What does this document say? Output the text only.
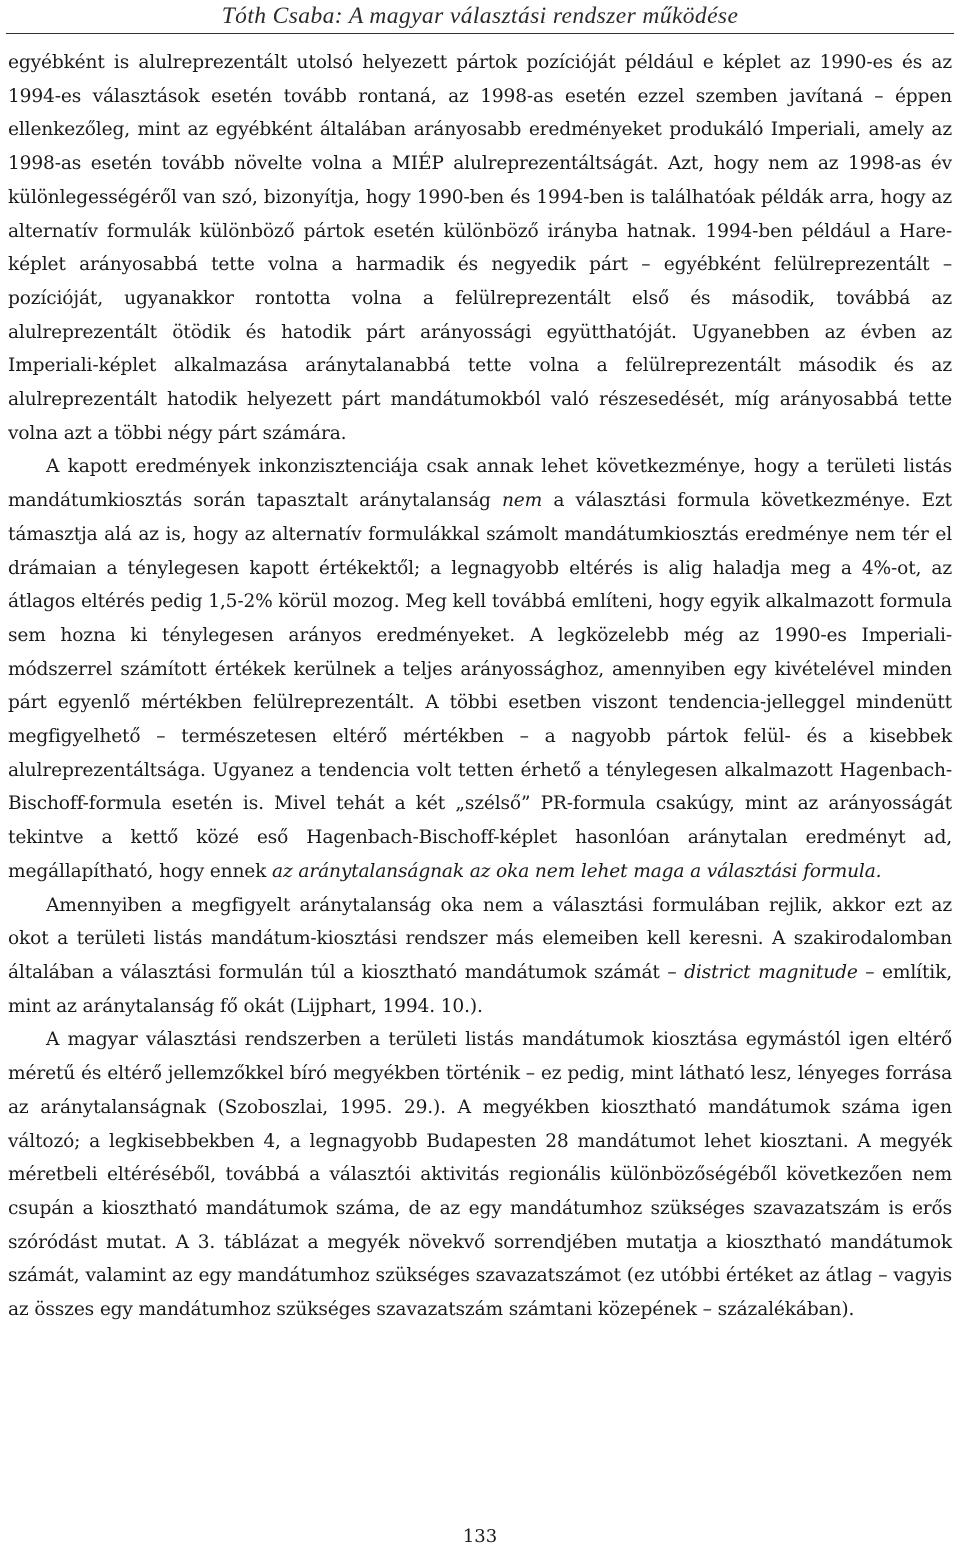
Tóth Csaba: A magyar választási rendszer működése

egyébként is alulreprezentált utolsó helyezett pártok pozícióját például e képlet az 1990-es és az 1994-es választások esetén tovább rontaná, az 1998-as esetén ezzel szemben javítaná – éppen ellenkezőleg, mint az egyébként általában arányosabb eredményeket produkáló Imperiali, amely az 1998-as esetén tovább növelte volna a MIÉP alulreprezentáltságát. Azt, hogy nem az 1998-as év különlegességéről van szó, bizonyítja, hogy 1990-ben és 1994-ben is találhatóak példák arra, hogy az alternatív formulák különböző pártok esetén különböző irányba hatnak. 1994-ben például a Hare-képlet arányosabbá tette volna a harmadik és negyedik párt – egyébként felülreprezentált – pozícióját, ugyanakkor rontotta volna a felülreprezentált első és második, továbbá az alulreprezentált ötödik és hatodik párt arányossági együtthatóját. Ugyanebben az évben az Imperiali-képlet alkalmazása aránytalanabbá tette volna a felülreprezentált második és az alulreprezentált hatodik helyezett párt mandátumokból való részesedését, míg arányosabbá tette volna azt a többi négy párt számára.

A kapott eredmények inkonzisztenciája csak annak lehet következménye, hogy a területi listás mandátumkiosztás során tapasztalt aránytalanság nem a választási formula következménye. Ezt támasztja alá az is, hogy az alternatív formulákkal számolt mandátumkiosztás eredménye nem tér el drámaian a ténylegesen kapott értékektől; a legnagyobb eltérés is alig haladja meg a 4%-ot, az átlagos eltérés pedig 1,5-2% körül mozog. Meg kell továbbá említeni, hogy egyik alkalmazott formula sem hozna ki ténylegesen arányos eredményeket. A legközelebb még az 1990-es Imperiali-módszerrel számított értékek kerülnek a teljes arányossághoz, amennyiben egy kivételével minden párt egyenlő mértékben felülreprezentált. A többi esetben viszont tendencia-jelleggel mindenütt megfigyelhető – természetesen eltérő mértékben – a nagyobb pártok felül- és a kisebbek alulreprezentáltsága. Ugyanez a tendencia volt tetten érhető a ténylegesen alkalmazott Hagenbach-Bischoff-formula esetén is. Mivel tehát a két „szélső” PR-formula csakúgy, mint az arányosságát tekintve a kettő közé eső Hagenbach-Bischoff-képlet hasonlóan aránytalan eredményt ad, megállapítható, hogy ennek az aránytalanságnak az oka nem lehet maga a választási formula.

Amennyiben a megfigyelt aránytalanság oka nem a választási formulában rejlik, akkor ezt az okot a területi listás mandátum-kiosztási rendszer más elemeiben kell keresni. A szakirodalomban általában a választási formulán túl a kiosztható mandátumok számát – district magnitude – említik, mint az aránytalanság fő okát (Lijphart, 1994. 10.).

A magyar választási rendszerben a területi listás mandátumok kiosztása egymástól igen eltérő méretű és eltérő jellemzőkkel bíró megyékben történik – ez pedig, mint látható lesz, lényeges forrása az aránytalanságnak (Szoboszlai, 1995. 29.). A megyékben kiosztható mandátumok száma igen változó; a legkisebbekben 4, a legnagyobb Budapesten 28 mandátumot lehet kiosztani. A megyék méretbeli eltéréséből, továbbá a választói aktivitás regionális különbözőségéből következően nem csupán a kiosztható mandátumok száma, de az egy mandátumhoz szükséges szavazatszám is erős szóródást mutat. A 3. táblázat a megyék növekvő sorrendjében mutatja a kiosztható mandátumok számát, valamint az egy mandátumhoz szükséges szavazatszámot (ez utóbbi értéket az átlag – vagyis az összes egy mandátumhoz szükséges szavazatszám számtani közepének – százalékában).

133
